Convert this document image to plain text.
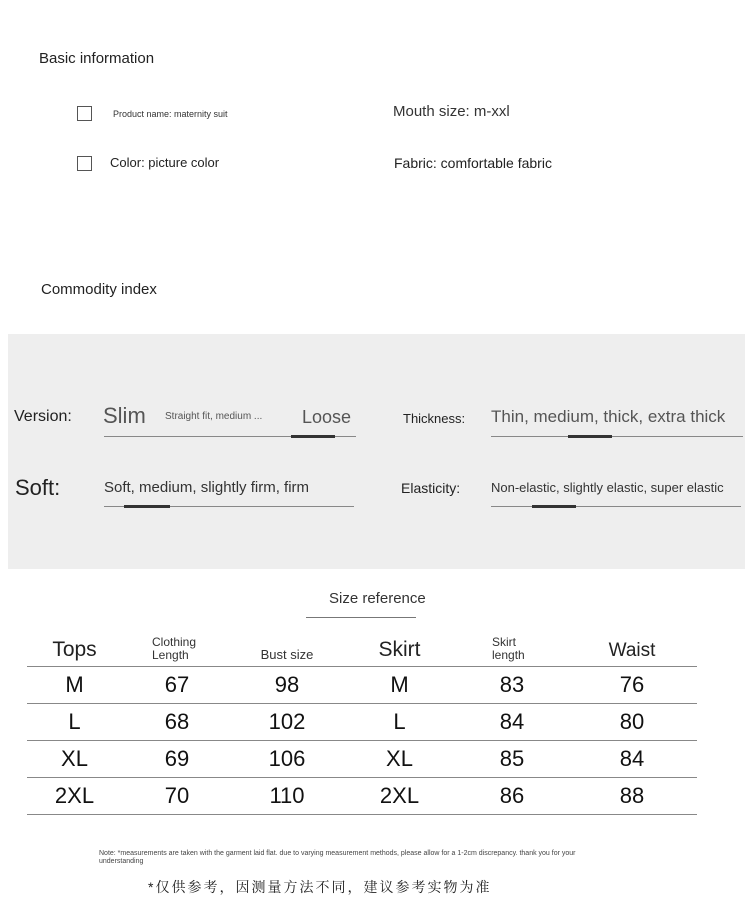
Basic information
Product name: maternity suit	Mouth size: m-xxl
Color: picture color	Fabric: comfortable fabric
Commodity index
Version: Slim Straight fit, medium ... Loose	Thickness: Thin, medium, thick, extra thick
Soft:	Soft, medium, slightly firm, firm	Elasticity: Non-elastic, slightly elastic, super elastic
Size reference
Tops	Clothing Length	Bust size	Skirt	Skirt length	Waist
M	67	98	M	83	76
L	68	102	L	84	80
XL	69	106	XL	85	84
2XL	70	110	2XL	86	88
Note: *measurements are taken with the garment laid flat. due to varying measurement methods, please allow for a 1-2cm discrepancy. thank you for your understanding
*仅供参考，因测量方法不同，建议参考实物为准
